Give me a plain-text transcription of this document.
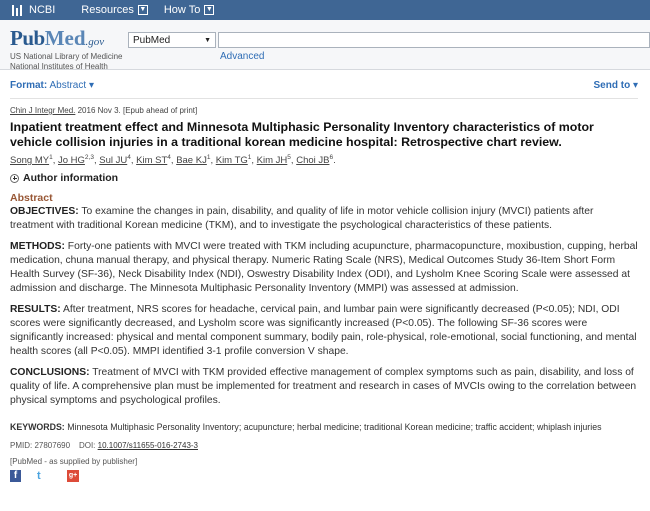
NCBI Resources ▼ How To ▼
PubMed.gov
US National Library of Medicine
National Institutes of Health
PubMed	▼
Advanced
Format: Abstract ▾	Send to ▾
Chin J Integr Med. 2016 Nov 3. [Epub ahead of print]
Inpatient treatment effect and Minnesota Multiphasic Personality Inventory characteristics of motor vehicle collision injuries in a traditional korean medicine hospital: Retrospective chart review.
Song $MY^1$, Jo HG$^{2,3}$, Sul $JU^4$, Kim $ST^4$, Bae $KJ^1$, Kim $TG^1$, Kim $JH^5$, Choi $JB^6$.
Author information
Abstract
OBJECTIVES: To examine the changes in pain, disability, and quality of life in motor vehicle collision injury (MVCI) patients after treatment with traditional Korean medicine (TKM), and to investigate the psychological characteristics of these patients.
METHODS: Forty-one patients with MVCI were treated with TKM including acupuncture, pharmacopuncture, moxibustion, cupping, herbal medication, chuna manual therapy, and physical therapy. Numeric Rating Scale (NRS), Medical Outcomes Study 36-Item Short Form Health Survey (SF-36), Neck Disability Index (NDI), Oswestry Disability Index (ODI), and Lysholm Knee Scoring Scale were assessed at admission and discharge. The Minnesota Multiphasic Personality Inventory (MMPI) was assessed at admission.
RESULTS: After treatment, NRS scores for headache, cervical pain, and lumbar pain were significantly decreased (P<0.05); NDI, ODI scores were significantly decreased, and Lysholm score was significantly increased (P<0.05). The following SF-36 scores were significantly increased: physical and mental component summary, bodily pain, role-physical, role-emotional, social functioning, and mental health scores (all P<0.05). MMPI identified 3-1 profile conversion V shape.
CONCLUSIONS: Treatment of MVCI with TKM provided effective management of complex symptoms such as pain, disability, and loss of quality of life. A comprehensive plan must be implemented for treatment and research in cases of MVCIs owing to the correlation between physical symptoms and psychological profiles.
KEYWORDS: Minnesota Multiphasic Personality Inventory; acupuncture; herbal medicine; traditional Korean medicine; traffic accident; whiplash injuries
PMID: 27807690 DOI: 10.1007/s11655-016-2743-3
[PubMed - as supplied by publisher]
f	t	g+
